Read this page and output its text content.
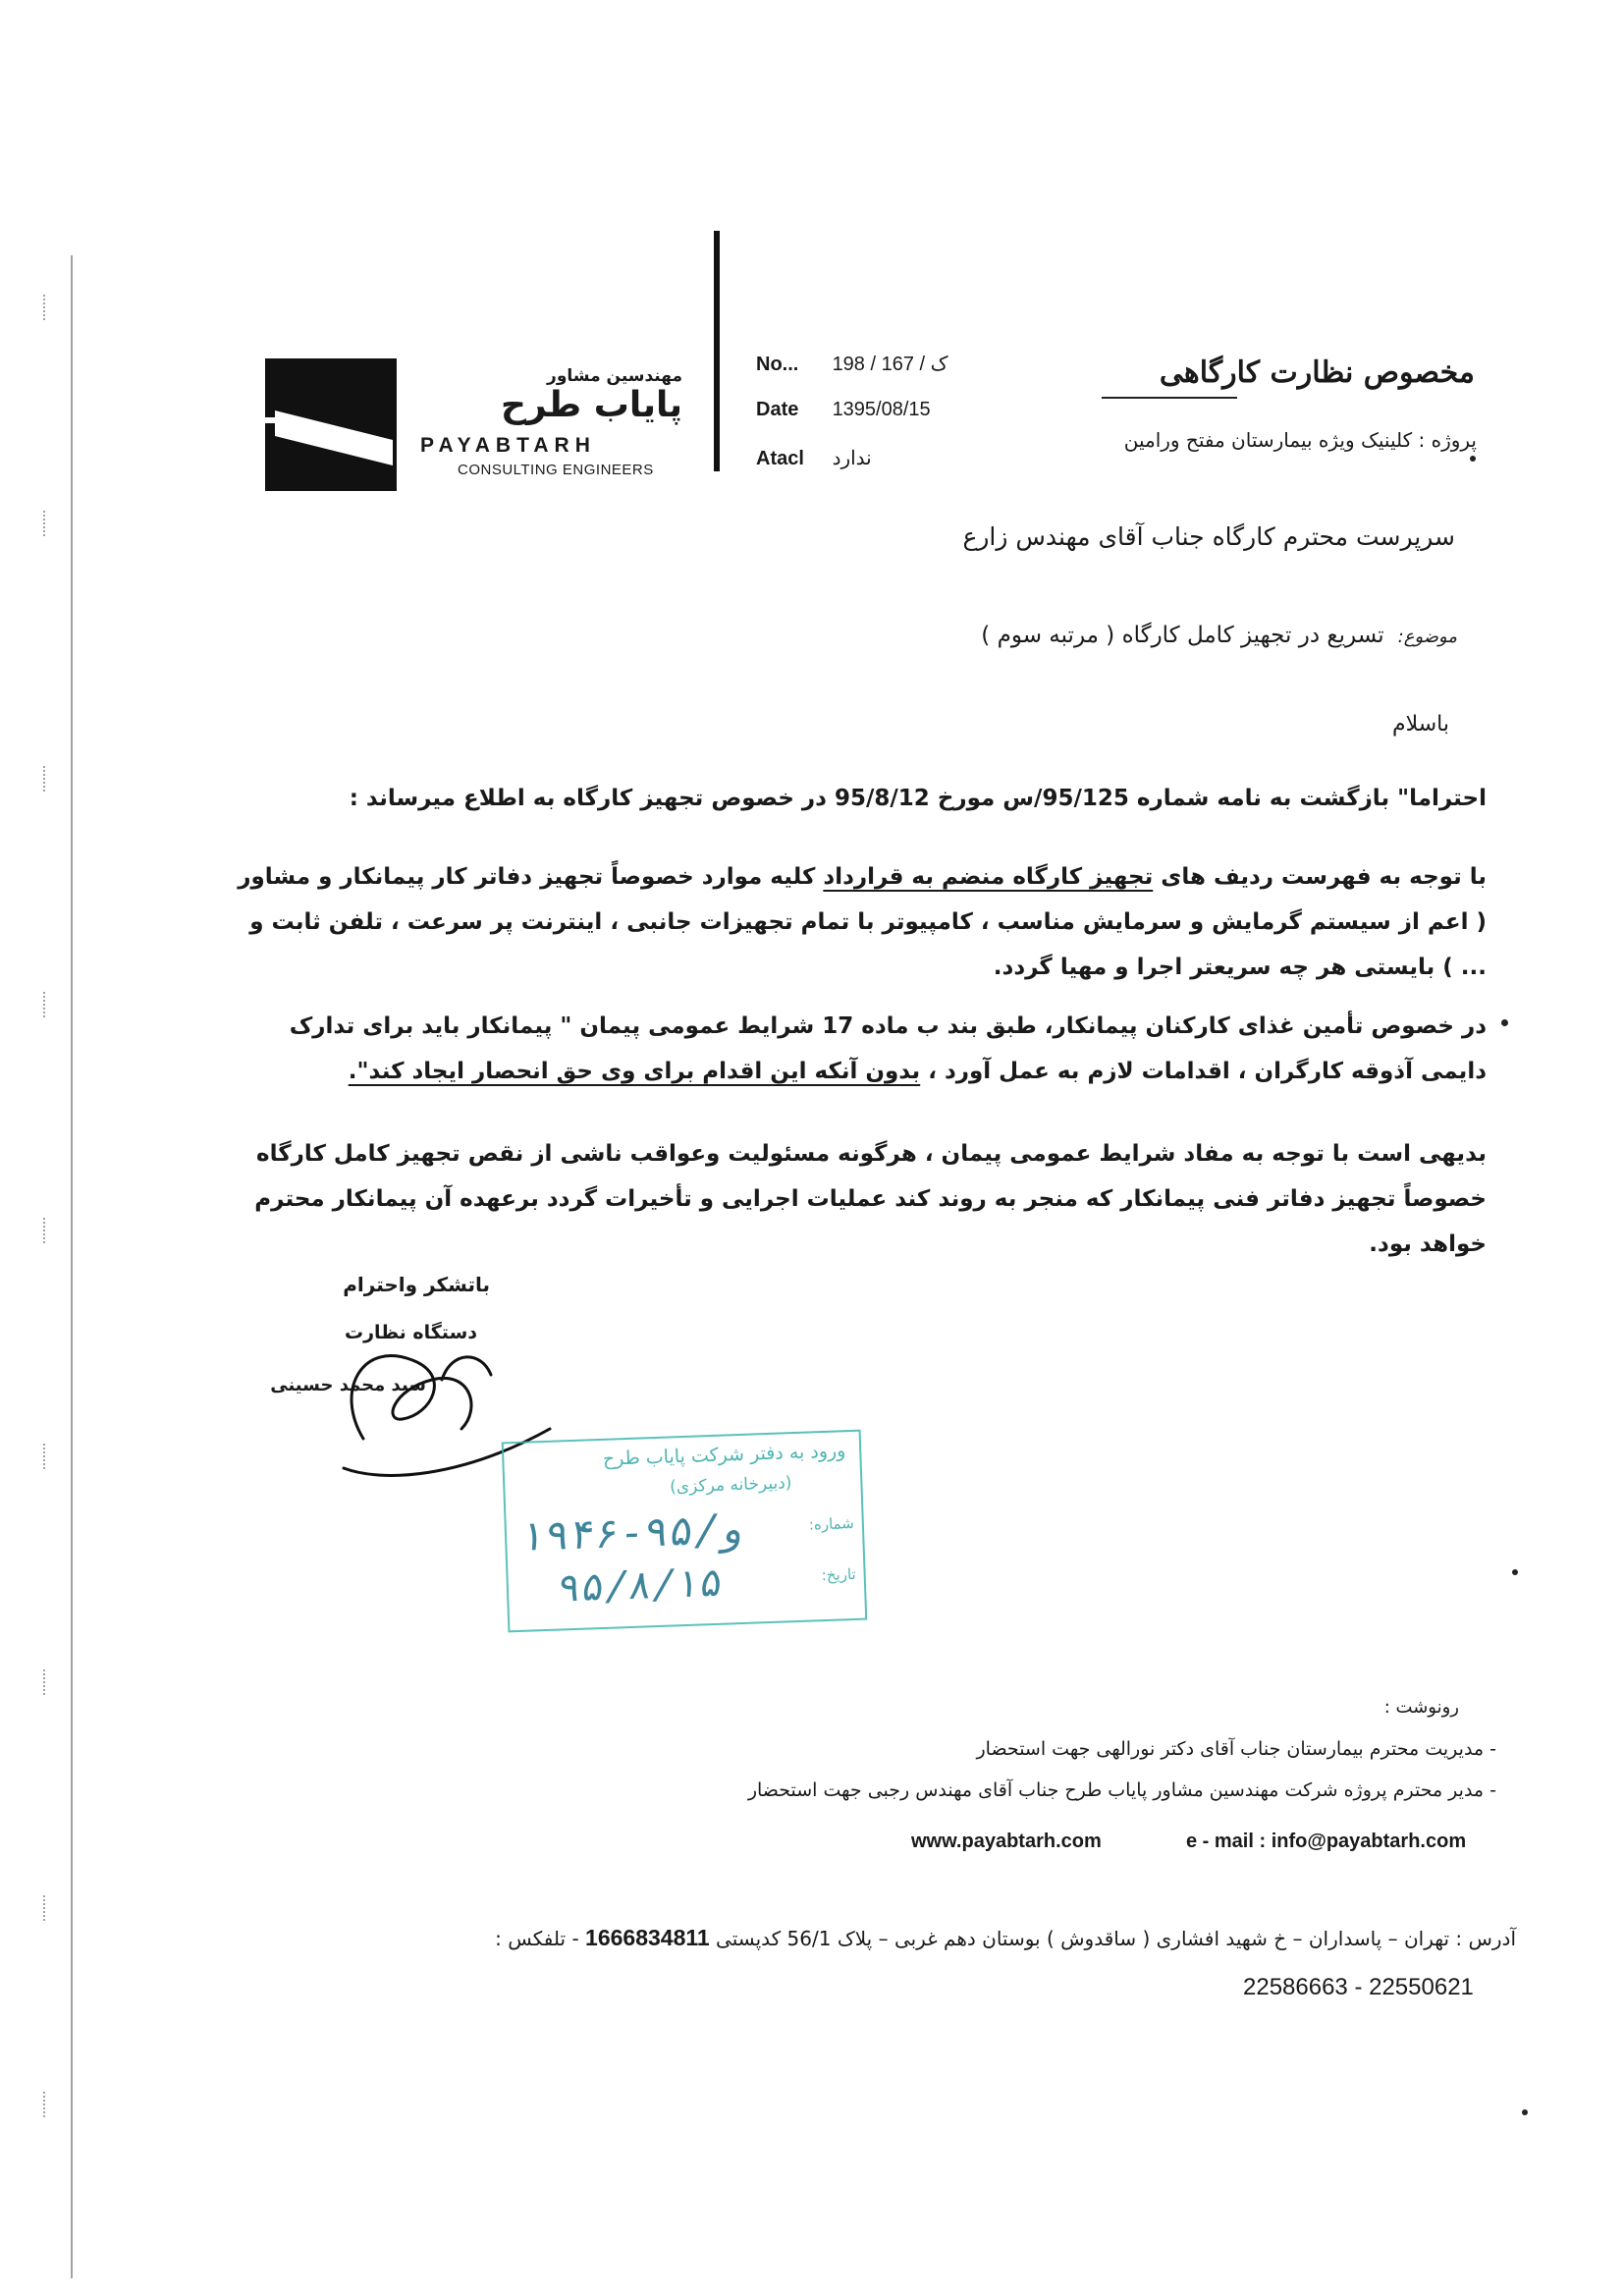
مهندسین مشاور
پایاب طرح
PAYABTARH
CONSULTING ENGINEERS
No... 198 / ک / 167
Date 1395/08/15
Atacl ندارد
مخصوص نظارت کارگاهی
پروژه : کلینیک ویژه بیمارستان مفتح ورامین
سرپرست محترم کارگاه جناب آقای مهندس زارع
موضوع:تسریع در تجهیز کامل کارگاه ( مرتبه سوم )
باسلام
احتراما" بازگشت به نامه شماره 95/125/س مورخ 95/8/12 در خصوص تجهیز کارگاه به اطلاع میرساند :
با توجه به فهرست ردیف های تجهیز کارگاه منضم به قرارداد کلیه موارد خصوصاً تجهیز دفاتر کار پیمانکار و مشاور ( اعم از سیستم گرمایش و سرمایش مناسب ، کامپیوتر با تمام تجهیزات جانبی ، اینترنت پر سرعت ، تلفن ثابت و ... ) بایستی هر چه سریعتر اجرا و مهیا گردد.
در خصوص تأمین غذای کارکنان پیمانکار، طبق بند ب ماده 17 شرایط عمومی پیمان " پیمانکار باید برای تدارک دایمی آذوقه کارگران ، اقدامات لازم به عمل آورد ، بدون آنکه این اقدام برای وی حق انحصار ایجاد کند".
بدیهی است با توجه به مفاد شرایط عمومی پیمان ، هرگونه مسئولیت وعواقب ناشی از نقص تجهیز کامل کارگاه خصوصاً تجهیز دفاتر فنی پیمانکار که منجر به روند کند عملیات اجرایی و تأخیرات گردد برعهده آن پیمانکار محترم خواهد بود.
باتشکر واحترام
دستگاه نظارت
سید محمد حسینی
ورود به دفتر شرکت پایاب طرح
(دبیرخانه مرکزی)
شماره:
تاریخ:
۱۹۴۶-۹۵/و
۹۵/۸/۱۵
رونوشت :
- مدیریت محترم بیمارستان جناب آقای دکتر نورالهی جهت استحضار
- مدیر محترم پروژه شرکت مهندسین مشاور پایاب طرح جناب آقای مهندس رجبی جهت استحضار
www.payabtarh.com	e - mail : info@payabtarh.com
آدرس : تهران – پاسداران – خ شهید افشاری ( ساقدوش ) بوستان دهم غربی – پلاک 56/1 کدپستی 1666834811 - تلفکس :
22586663 - 22550621
